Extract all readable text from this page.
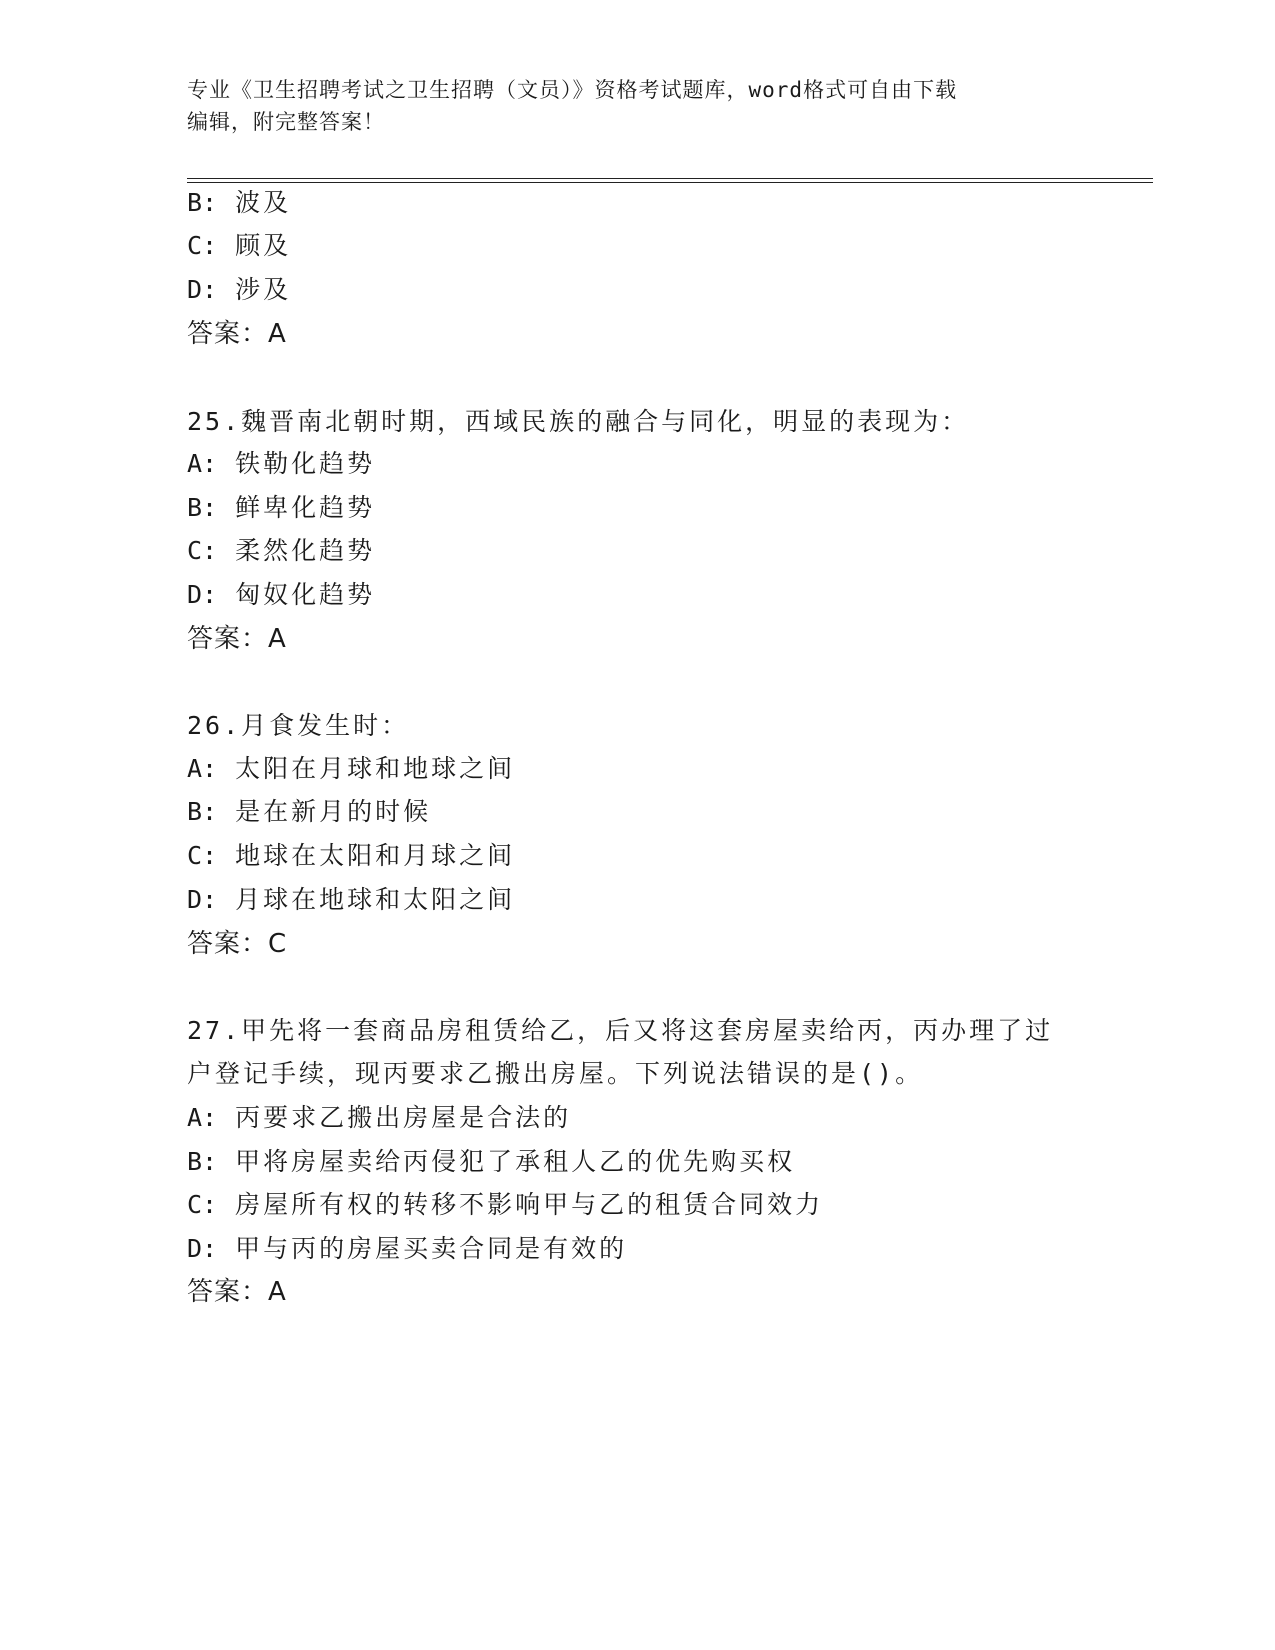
专业《卫生招聘考试之卫生招聘（文员）》资格考试题库，word格式可自由下载
编辑，附完整答案！
B: 波及
C: 顾及
D: 涉及
答案：A
25.魏晋南北朝时期，西域民族的融合与同化，明显的表现为：
A: 铁勒化趋势
B: 鲜卑化趋势
C: 柔然化趋势
D: 匈奴化趋势
答案：A
26.月食发生时：
A: 太阳在月球和地球之间
B: 是在新月的时候
C: 地球在太阳和月球之间
D: 月球在地球和太阳之间
答案：C
27.甲先将一套商品房租赁给乙，后又将这套房屋卖给丙，丙办理了过
户登记手续，现丙要求乙搬出房屋。下列说法错误的是()。
A: 丙要求乙搬出房屋是合法的
B: 甲将房屋卖给丙侵犯了承租人乙的优先购买权
C: 房屋所有权的转移不影响甲与乙的租赁合同效力
D: 甲与丙的房屋买卖合同是有效的
答案：A
